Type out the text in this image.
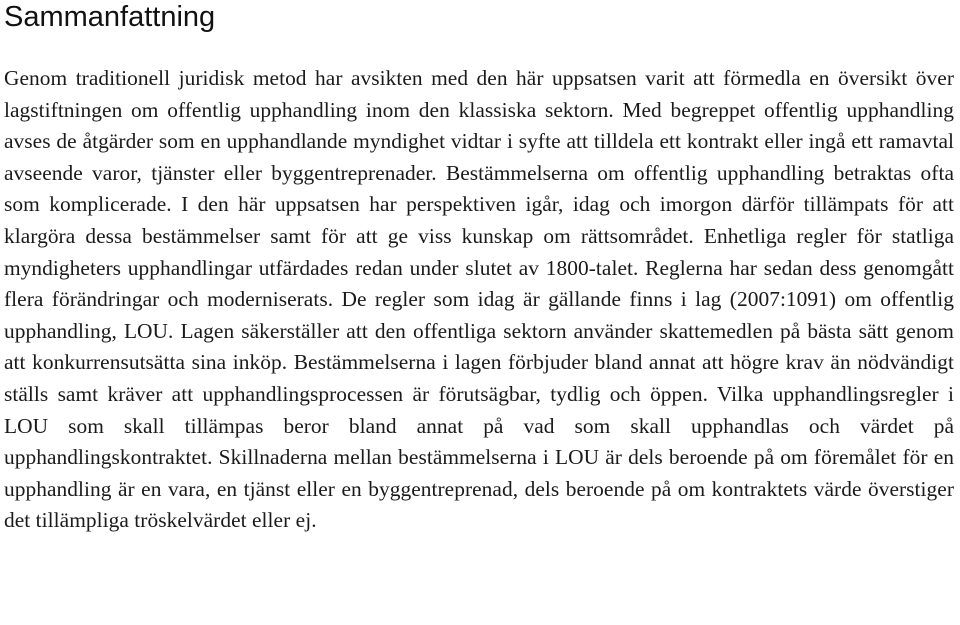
Sammanfattning

Genom traditionell juridisk metod har avsikten med den här uppsatsen varit att förmedla en översikt över lagstiftningen om offentlig upphandling inom den klassiska sektorn. Med begreppet offentlig upphandling avses de åtgärder som en upphandlande myndighet vidtar i syfte att tilldela ett kontrakt eller ingå ett ramavtal avseende varor, tjänster eller byggentreprenader. Bestämmelserna om offentlig upphandling betraktas ofta som komplicerade. I den här uppsatsen har perspektiven igår, idag och imorgon därför tillämpats för att klargöra dessa bestämmelser samt för att ge viss kunskap om rättsområdet. Enhetliga regler för statliga myndigheters upphandlingar utfärdades redan under slutet av 1800-talet. Reglerna har sedan dess genomgått flera förändringar och moderniserats. De regler som idag är gällande finns i lag (2007:1091) om offentlig upphandling, LOU. Lagen säkerställer att den offentliga sektorn använder skattemedlen på bästa sätt genom att konkurrensutsätta sina inköp. Bestämmelserna i lagen förbjuder bland annat att högre krav än nödvändigt ställs samt kräver att upphandlingsprocessen är förutsägbar, tydlig och öppen. Vilka upphandlingsregler i LOU som skall tillämpas beror bland annat på vad som skall upphandlas och värdet på upphandlingskontraktet. Skillnaderna mellan bestämmelserna i LOU är dels beroende på om föremålet för en upphandling är en vara, en tjänst eller en byggentreprenad, dels beroende på om kontraktets värde överstiger det tillämpliga tröskelvärdet eller ej.
